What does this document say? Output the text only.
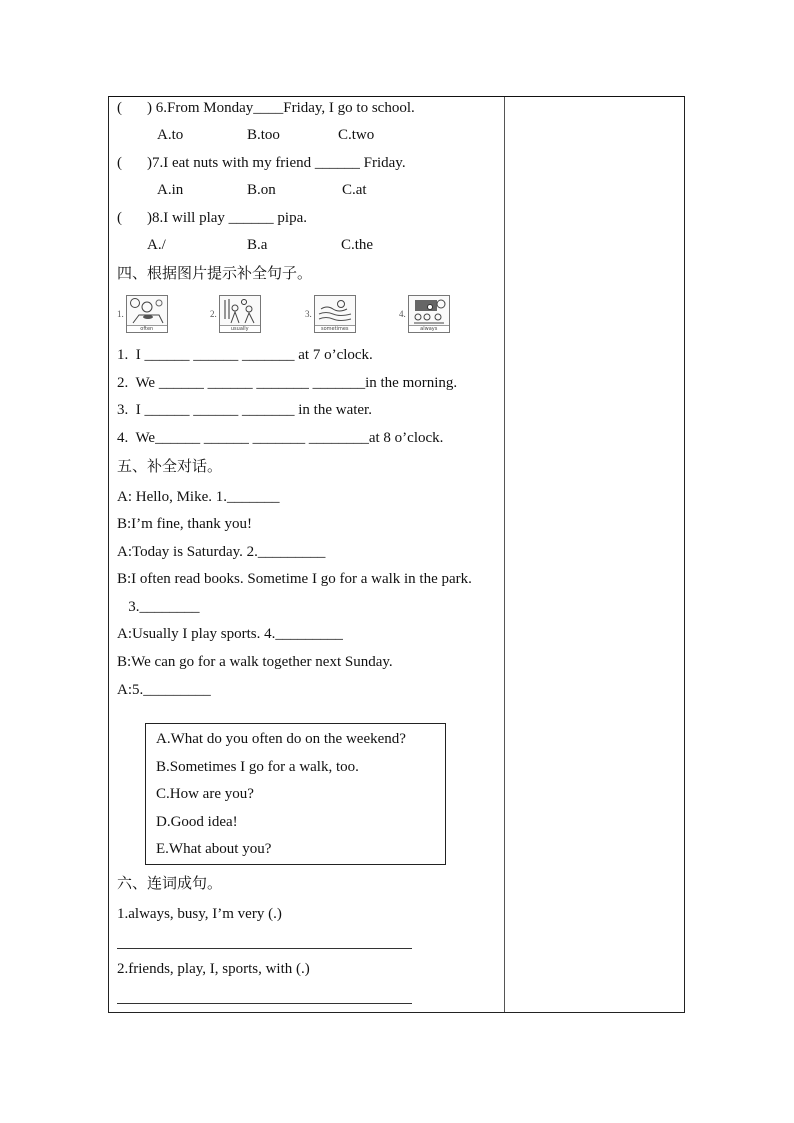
( ) 6.From Monday____Friday, I go to school.
A.to	B.too	C.two
( )7.I eat nuts with my friend ______ Friday.
A.in	B.on	C.at
( )8.I will play ______ pipa.
A./	B.a	C.the
四、根据图片提示补全句子。
1.
often
2.
usually
3.
sometimes
4.
always
1.  I ______ ______ _______ at 7 o’clock.
2.  We ______ ______ _______ _______in the morning.
3.  I ______ ______ _______ in the water.
4.  We______ ______ _______ ________at 8 o’clock.
五、补全对话。
A: Hello, Mike. 1._______
B:I’m fine, thank you!
A:Today is Saturday. 2._________
B:I often read books. Sometime I go for a walk in the park.
3.________
A:Usually I play sports. 4._________
B:We can go for a walk together next Sunday.
A:5._________
A.What do you often do on the weekend?
B.Sometimes I go for a walk, too.
C.How are you?
D.Good idea!
E.What about you?
六、连词成句。
1.always, busy, I’m very (.)
2.friends, play, I, sports, with (.)
